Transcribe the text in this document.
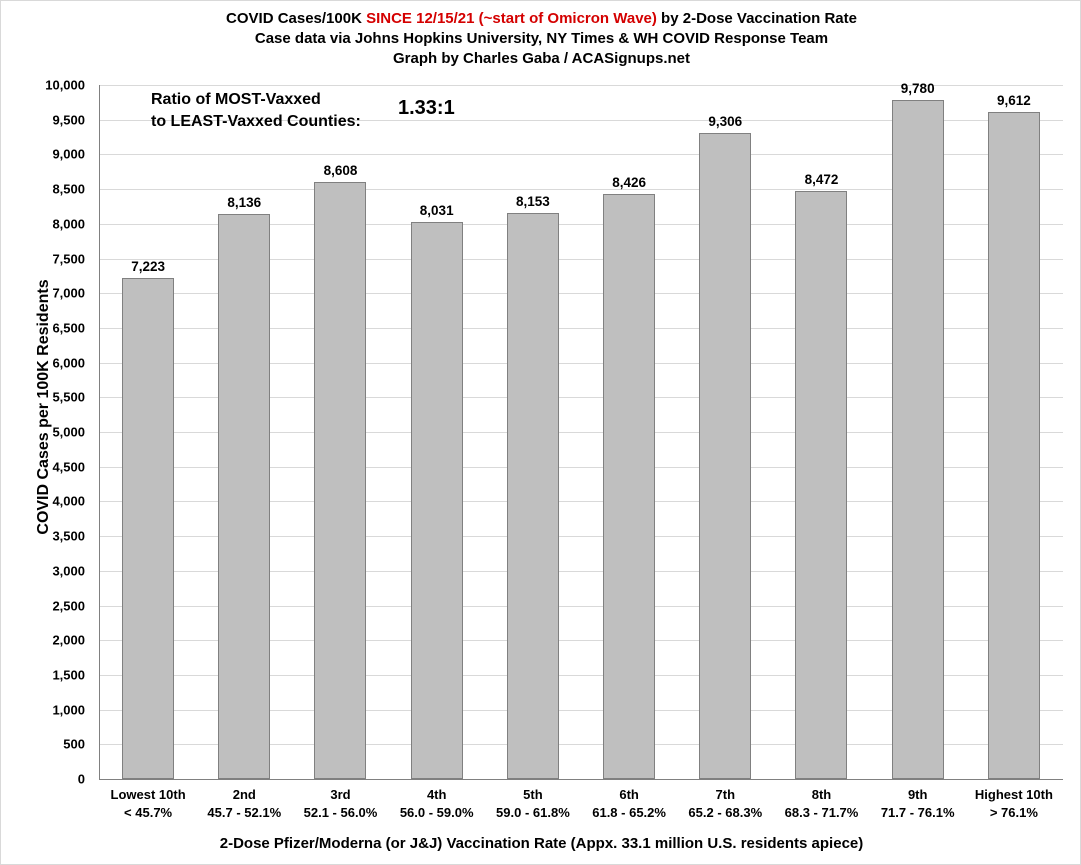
COVID Cases/100K SINCE 12/15/21 (~start of Omicron Wave) by 2-Dose Vaccination Rate
Case data via Johns Hopkins University, NY Times & WH COVID Response Team
Graph by Charles Gaba / ACASignups.net
COVID Cases per 100K Residents
10,000
9,500
9,000
8,500
8,000
7,500
7,000
6,500
6,000
5,500
5,000
4,500
4,000
3,500
3,000
2,500
2,000
1,500
1,000
500
0
7,223
8,136
8,608
8,031
8,153
8,426
9,306
8,472
9,780
9,612
Ratio of MOST-Vaxxed
to LEAST-Vaxxed Counties:
1.33:1
Lowest 10th
< 45.7%
2nd
45.7 - 52.1%
3rd
52.1 - 56.0%
4th
56.0 - 59.0%
5th
59.0 - 61.8%
6th
61.8 - 65.2%
7th
65.2 - 68.3%
8th
68.3 - 71.7%
9th
71.7 - 76.1%
Highest 10th
> 76.1%
2-Dose Pfizer/Moderna (or J&J) Vaccination Rate (Appx. 33.1 million U.S. residents apiece)
